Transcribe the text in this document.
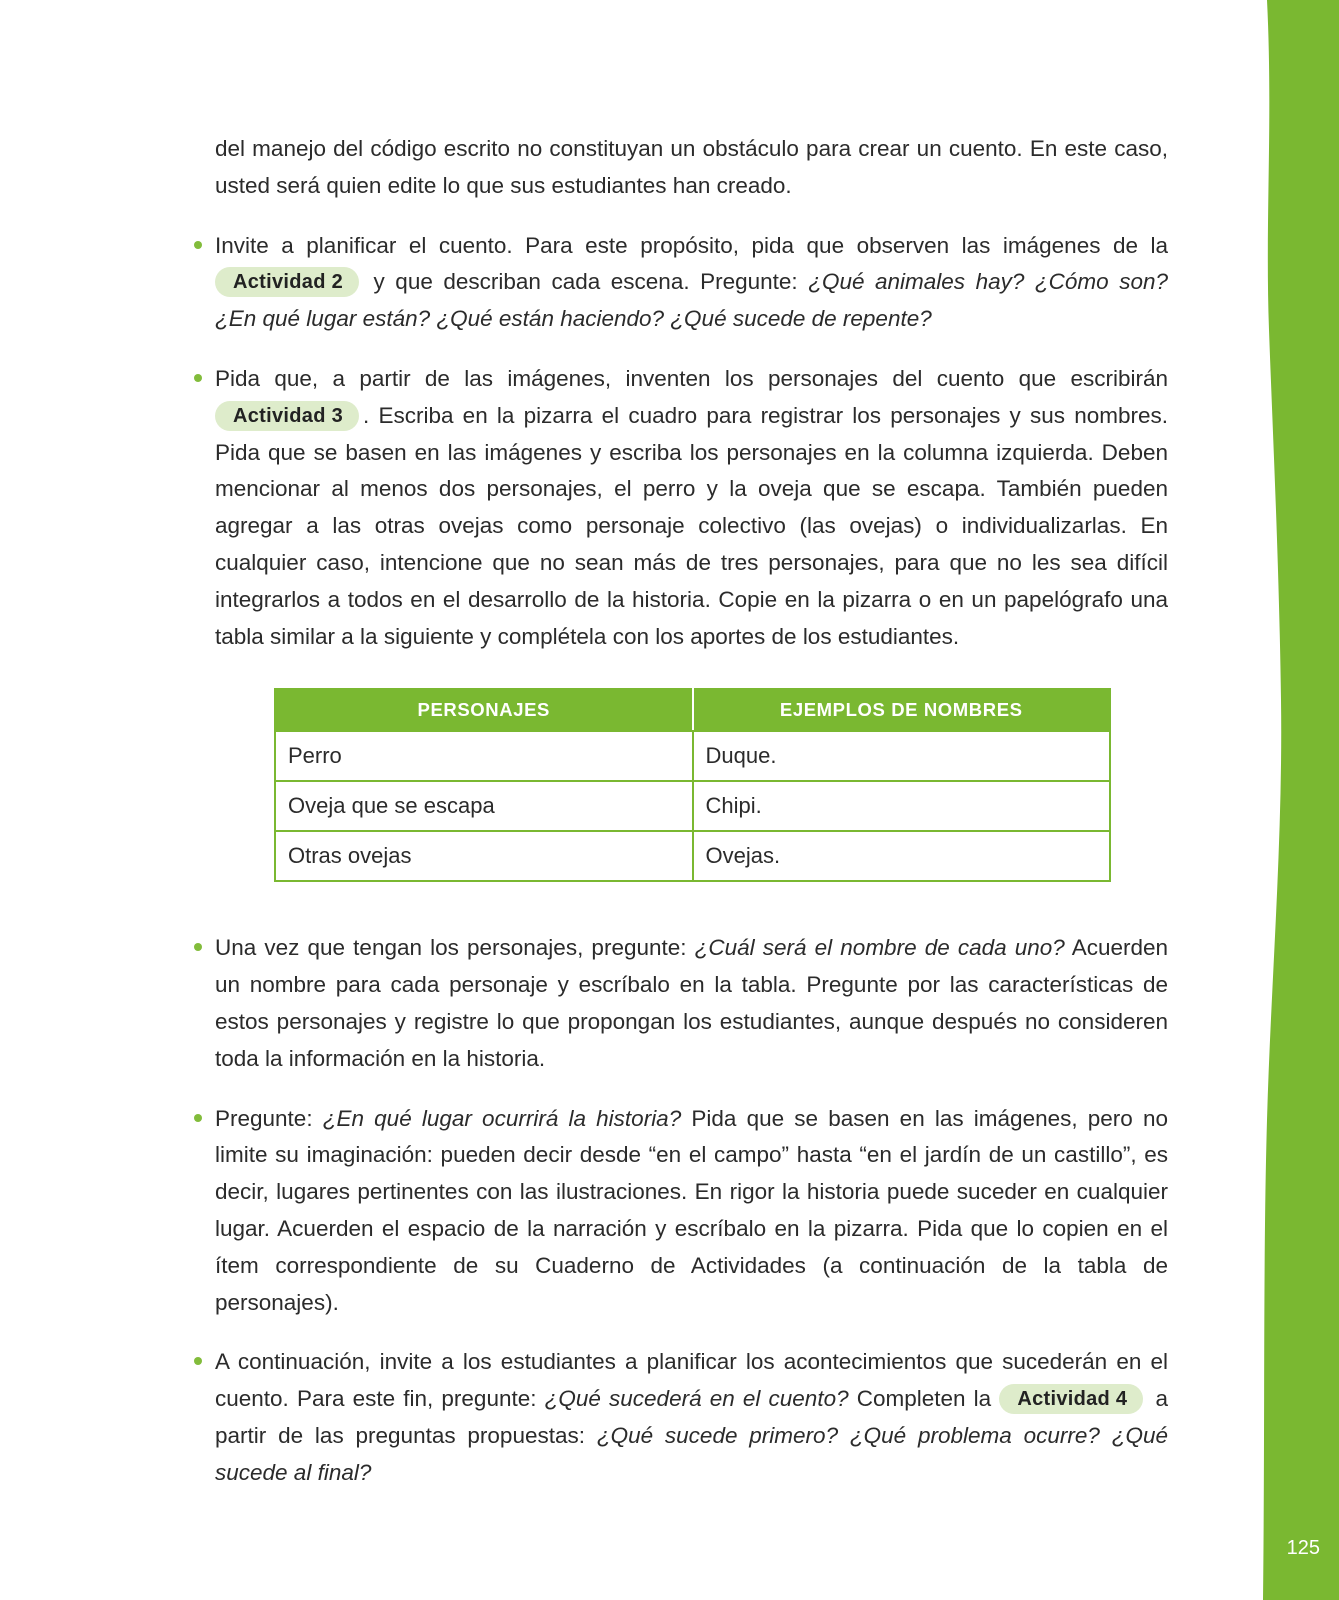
125

del manejo del código escrito no constituyan un obstáculo para crear un cuento. En este caso, usted será quien edite lo que sus estudiantes han creado.

Invite a planificar el cuento. Para este propósito, pida que observen las imágenes de la Actividad 2 y que describan cada escena. Pregunte: ¿Qué animales hay? ¿Cómo son? ¿En qué lugar están? ¿Qué están haciendo? ¿Qué sucede de repente?

Pida que, a partir de las imágenes, inventen los personajes del cuento que escribirán Actividad 3 . Escriba en la pizarra el cuadro para registrar los personajes y sus nombres. Pida que se basen en las imágenes y escriba los personajes en la columna izquierda. Deben mencionar al menos dos personajes, el perro y la oveja que se escapa. También pueden agregar a las otras ovejas como personaje colectivo (las ovejas) o individualizarlas. En cualquier caso, intencione que no sean más de tres personajes, para que no les sea difícil integrarlos a todos en el desarrollo de la historia. Copie en la pizarra o en un papelógrafo una tabla similar a la siguiente y complétela con los aportes de los estudiantes.

PERSONAJES	EJEMPLOS DE NOMBRES
Perro	Duque.
Oveja que se escapa	Chipi.
Otras ovejas	Ovejas.

Una vez que tengan los personajes, pregunte: ¿Cuál será el nombre de cada uno? Acuerden un nombre para cada personaje y escríbalo en la tabla. Pregunte por las características de estos personajes y registre lo que propongan los estudiantes, aunque después no consideren toda la información en la historia.

Pregunte: ¿En qué lugar ocurrirá la historia? Pida que se basen en las imágenes, pero no limite su imaginación: pueden decir desde “en el campo” hasta “en el jardín de un castillo”, es decir, lugares pertinentes con las ilustraciones. En rigor la historia puede suceder en cualquier lugar. Acuerden el espacio de la narración y escríbalo en la pizarra. Pida que lo copien en el ítem correspondiente de su Cuaderno de Actividades (a continuación de la tabla de personajes).

A continuación, invite a los estudiantes a planificar los acontecimientos que sucederán en el cuento. Para este fin, pregunte: ¿Qué sucederá en el cuento? Completen la Actividad 4 a partir de las preguntas propuestas: ¿Qué sucede primero? ¿Qué problema ocurre? ¿Qué sucede al final?
